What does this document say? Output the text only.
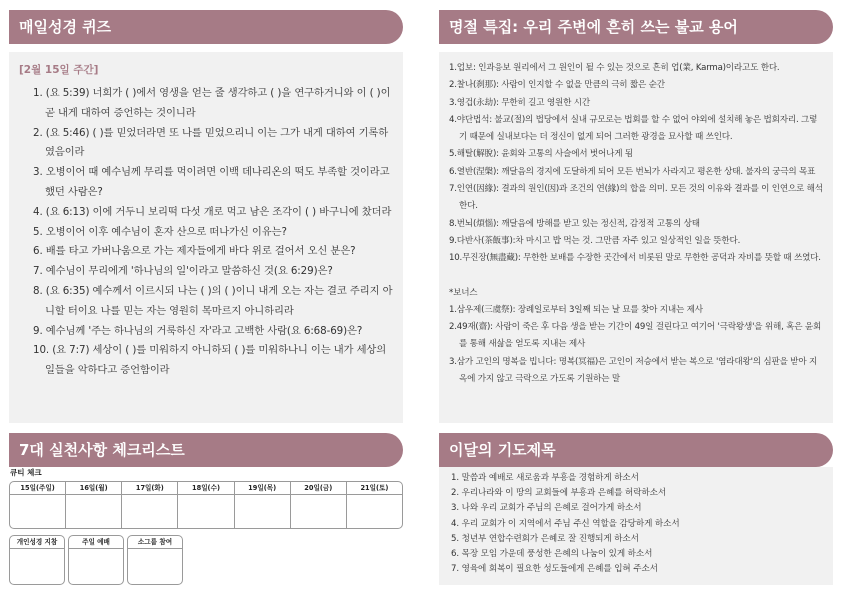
매일성경 퀴즈
[2월 15일 주간]
1. (요 5:39) 너희가 ( )에서 영생을 얻는 줄 생각하고 ( )을 연구하거니와 이 ( )이 곧 내게 대하여 증언하는 것이니라
2. (요 5:46) ( )를 믿었더라면 또 나를 믿었으리니 이는 그가 내게 대하여 기록하였음이라
3. 오병이어 때 예수님께 무리를 먹이려면 이백 데나리온의 떡도 부족할 것이라고 했던 사람은?
4. (요 6:13) 이에 거두니 보리떡 다섯 개로 먹고 남은 조각이 ( ) 바구니에 찼더라
5. 오병이어 이후 예수님이 혼자 산으로 떠나가신 이유는?
6. 배를 타고 가버나움으로 가는 제자들에게 바다 위로 걸어서 오신 분은?
7. 예수님이 무리에게 '하나님의 일'이라고 말씀하신 것(요 6:29)은?
8. (요 6:35) 예수께서 이르시되 나는 ( )의 ( )이니 내게 오는 자는 결코 주리지 아니할 터이요 나를 믿는 자는 영원히 목마르지 아니하리라
9. 예수님께 '주는 하나님의 거룩하신 자'라고 고백한 사람(요 6:68-69)은?
10. (요 7:7) 세상이 ( )를 미워하지 아니하되 ( )를 미워하나니 이는 내가 세상의 일들을 악하다고 증언함이라
명절 특집: 우리 주변에 흔히 쓰는 불교 용어
1.업보: 인과응보 원리에서 그 원인이 될 수 있는 것으로 흔히 업(業, Karma)이라고도 한다.
2.찰나(刹那): 사람이 인지할 수 없을 만큼의 극히 짧은 순간
3.영겁(永劫): 무한히 길고 영원한 시간
4.야단법석: 불교(절)의 법당에서 실내 규모로는 법회를 할 수 없어 야외에 설치해 놓은 법회자리. 그렇기 때문에 실내보다는 더 정신이 없게 되어 그러한 광경을 묘사할 때 쓰인다.
5.해탈(解脫): 윤회와 고통의 사슬에서 벗어나게 됨
6.열반(涅槃): 깨달음의 경지에 도달하게 되어 모든 번뇌가 사라지고 평온한 상태. 불자의 궁극의 목표
7.인연(因緣): 결과의 원인(因)과 조건의 연(緣)의 합을 의미. 모든 것의 이유와 결과를 이 인연으로 해석한다.
8.번뇌(煩惱): 깨달음에 방해를 받고 있는 정신적, 감정적 고통의 상태
9.다반사(茶飯事):차 마시고 밥 먹는 것. 그만큼 자주 있고 일상적인 일을 뜻한다.
10.무진장(無盡藏): 무한한 보배를 수장한 곳간에서 비롯된 말로 무한한 공덕과 자비를 뜻할 때 쓰였다.
*보너스
1.삼우제(三虞祭): 장례일로부터 3일째 되는 날 묘를 찾아 지내는 제사
2.49재(齋): 사람이 죽은 후 다음 생을 받는 기간이 49일 걸린다고 여기어 '극락왕생'을 위해, 혹은 윤회를 통해 새삶을 얻도록 지내는 제사
3.삼가 고인의 명복을 빕니다: 명복(冥福)은 고인이 저승에서 받는 복으로 '염라대왕'의 심판을 받아 지옥에 가지 않고 극락으로 가도록 기원하는 말
7대 실천사항 체크리스트
큐티 체크
15일(주일)	16일(월)	17일(화)	18일(수)	19일(목)	20일(금)	21일(토)
개인성경 지참	주일 예배	소그룹 참여
이달의 기도제목
1. 말씀과 예배로 새로움과 부흥을 경험하게 하소서
2. 우리나라와 이 땅의 교회들에 부흥과 은혜를 허락하소서
3. 나와 우리 교회가 주님의 은혜로 걸어가게 하소서
4. 우리 교회가 이 지역에서 주님 주신 역할을 감당하게 하소서
5. 청년부 연합수련회가 은혜로 잘 진행되게 하소서
6. 목장 모임 가운데 풍성한 은혜의 나눔이 있게 하소서
7. 영육에 회복이 필요한 성도들에게 은혜를 입혀 주소서
